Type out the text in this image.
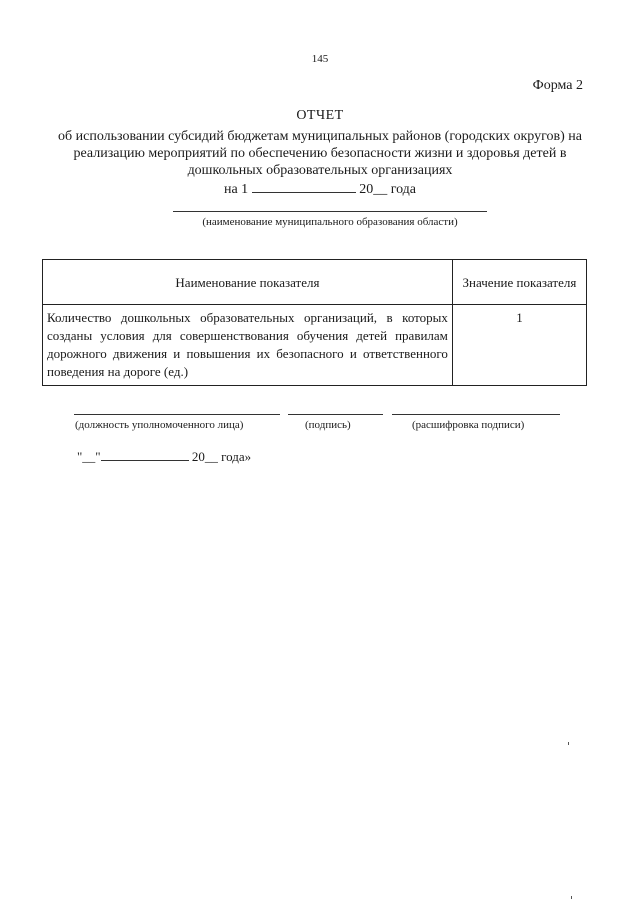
145
Форма 2
ОТЧЕТ
об использовании субсидий бюджетам муниципальных районов (городских округов) на реализацию мероприятий по обеспечению безопасности жизни и здоровья детей в дошкольных образовательных организациях
на 1	20__ года
(наименование муниципального образования области)
Наименование показателя	Значение показателя

Количество дошкольных образовательных организаций, в которых созданы условия для совершенствования обучения детей правилам дорожного движения и повышения их безопасного и ответственного поведения на дороге (ед.)	1
(должность уполномоченного лица)	(подпись)	(расшифровка подписи)
"__"	20__ года»
